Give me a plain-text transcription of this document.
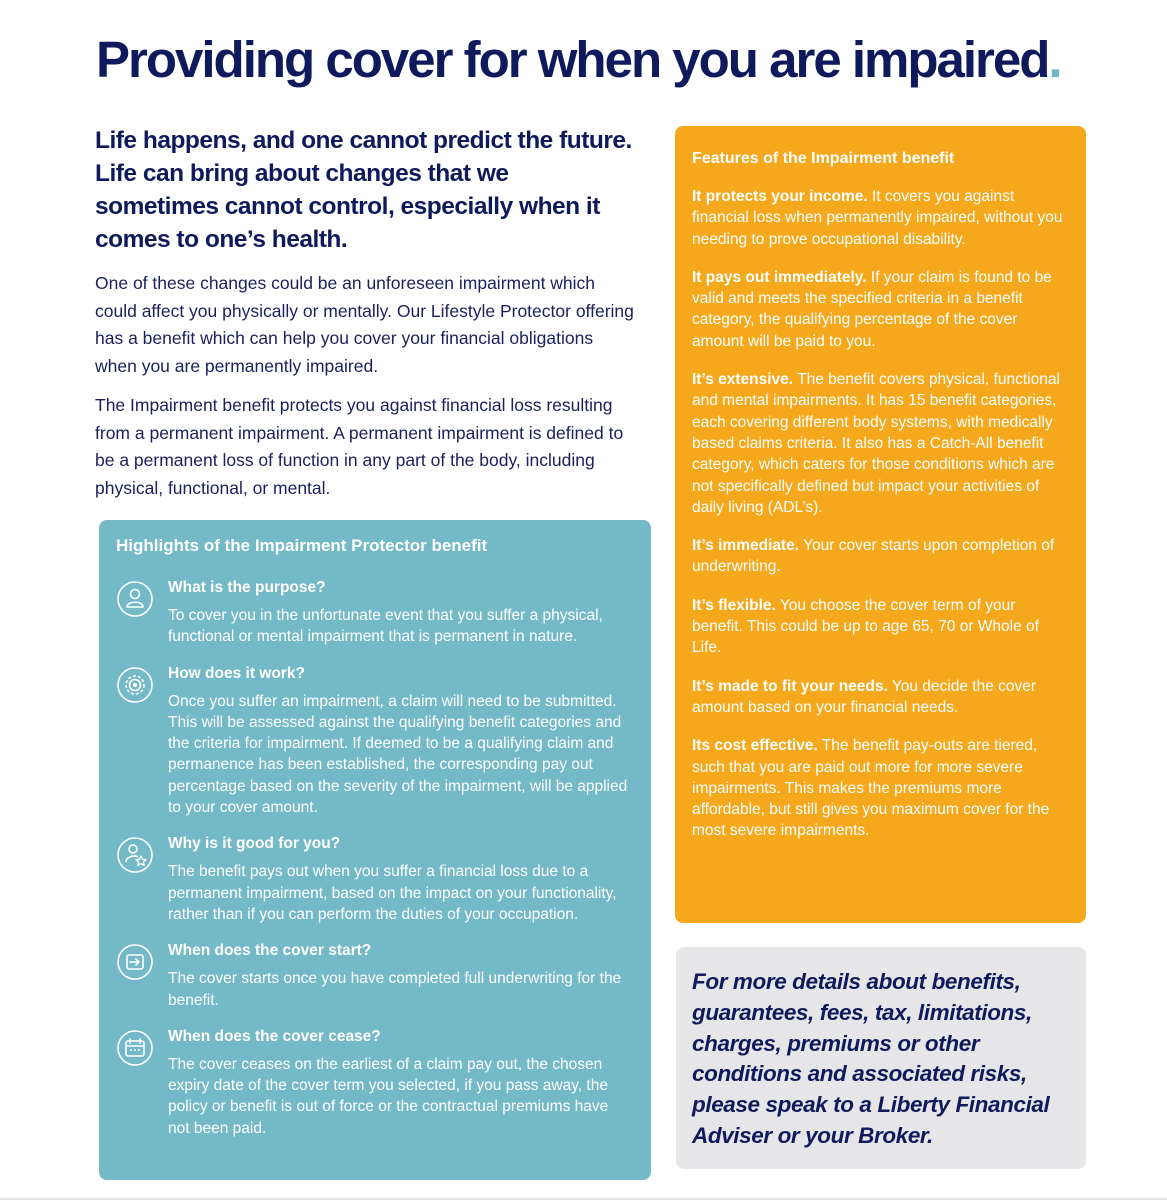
Providing cover for when you are impaired.

Life happens, and one cannot predict the future. Life can bring about changes that we sometimes cannot control, especially when it comes to one’s health.

One of these changes could be an unforeseen impairment which could affect you physically or mentally. Our Lifestyle Protector offering has a benefit which can help you cover your financial obligations when you are permanently impaired.

The Impairment benefit protects you against financial loss resulting from a permanent impairment. A permanent impairment is defined to be a permanent loss of function in any part of the body, including physical, functional, or mental.

Highlights of the Impairment Protector benefit

What is the purpose?

To cover you in the unfortunate event that you suffer a physical, functional or mental impairment that is permanent in nature.

How does it work?

Once you suffer an impairment, a claim will need to be submitted. This will be assessed against the qualifying benefit categories and the criteria for impairment. If deemed to be a qualifying claim and permanence has been established, the corresponding pay out percentage based on the severity of the impairment, will be applied to your cover amount.

Why is it good for you?

The benefit pays out when you suffer a financial loss due to a permanent impairment, based on the impact on your functionality, rather than if you can perform the duties of your occupation.

When does the cover start?

The cover starts once you have completed full underwriting for the benefit.

When does the cover cease?

The cover ceases on the earliest of a claim pay out, the chosen expiry date of the cover term you selected, if you pass away, the policy or benefit is out of force or the contractual premiums have not been paid.

Features of the Impairment benefit

It protects your income. It covers you against financial loss when permanently impaired, without you needing to prove occupational disability.

It pays out immediately. If your claim is found to be valid and meets the specified criteria in a benefit category, the qualifying percentage of the cover amount will be paid to you.

It’s extensive. The benefit covers physical, functional and mental impairments. It has 15 benefit categories, each covering different body systems, with medically based claims criteria. It also has a Catch-All benefit category, which caters for those conditions which are not specifically defined but impact your activities of daily living (ADL’s).

It’s immediate. Your cover starts upon completion of underwriting.

It’s flexible. You choose the cover term of your benefit. This could be up to age 65, 70 or Whole of Life.

It’s made to fit your needs. You decide the cover amount based on your financial needs.

Its cost effective. The benefit pay-outs are tiered, such that you are paid out more for more severe impairments. This makes the premiums more affordable, but still gives you maximum cover for the most severe impairments.

For more details about benefits, guarantees, fees, tax, limitations, charges, premiums or other conditions and associated risks, please speak to a Liberty Financial Adviser or your Broker.
